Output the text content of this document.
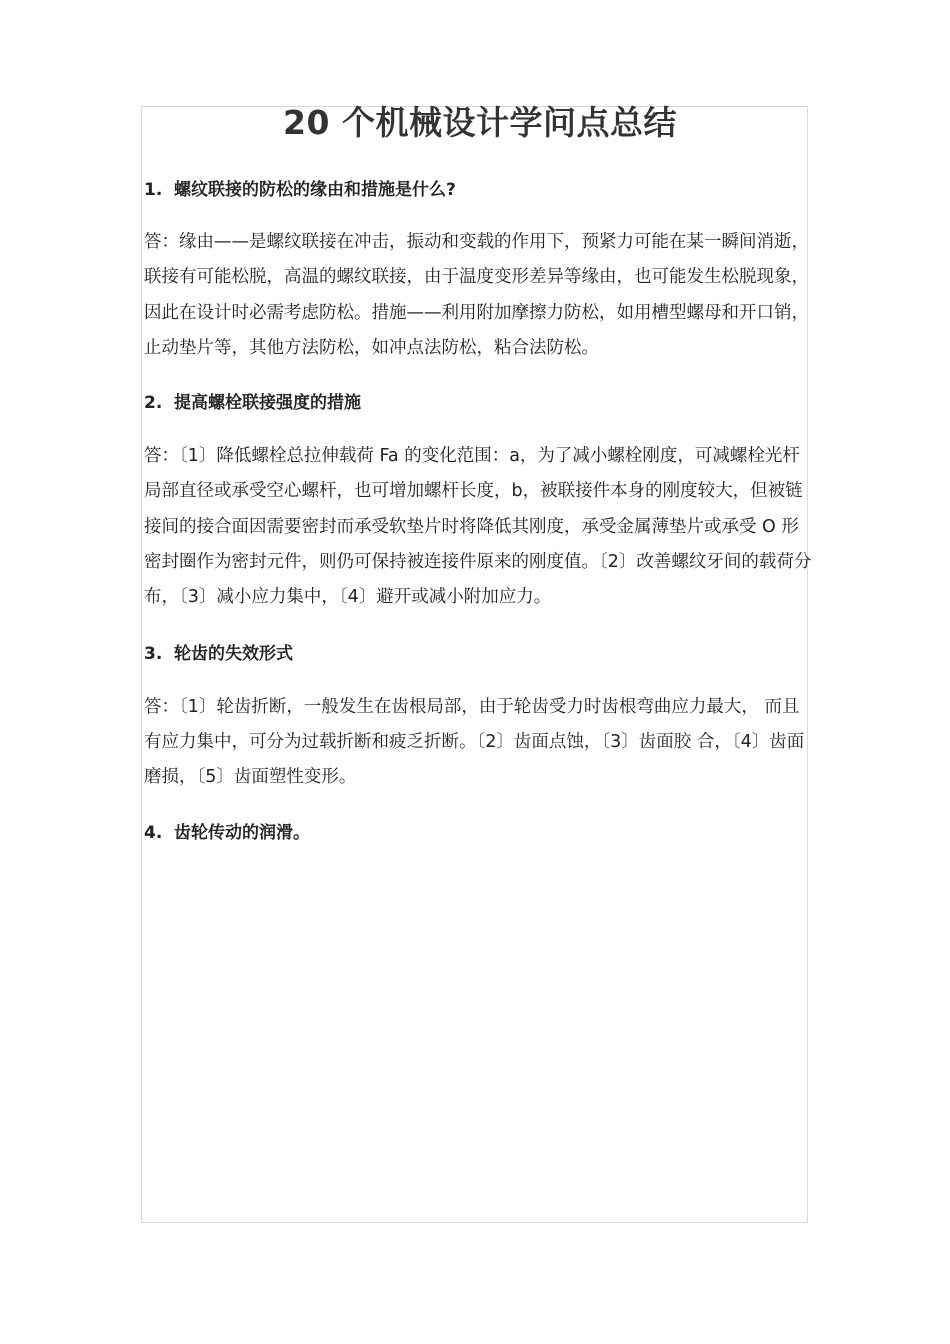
20 个机械设计学问点总结

1. 螺纹联接的防松的缘由和措施是什么?

答：缘由——是螺纹联接在冲击，振动和变载的作用下，预紧力可能在某一瞬间消逝，联接有可能松脱，高温的螺纹联接，由于温度变形差异等缘由，也可能发生松脱现象，因此在设计时必需考虑防松。措施——利用附加摩擦力防松，如用槽型螺母和开口销，止动垫片等，其他方法防松，如冲点法防松，粘合法防松。

2. 提高螺栓联接强度的措施

答：〔1〕降低螺栓总拉伸载荷 Fa 的变化范围：a，为了减小螺栓刚度，可减螺栓光杆局部直径或承受空心螺杆，也可增加螺杆长度，b，被联接件本身的刚度较大，但被链接间的接合面因需要密封而承受软垫片时将降低其刚度，承受金属薄垫片或承受 O 形密封圈作为密封元件，则仍可保持被连接件原来的刚度值。〔2〕改善螺纹牙间的载荷分布，〔3〕减小应力集中，〔4〕避开或减小附加应力。

3. 轮齿的失效形式

答：〔1〕轮齿折断，一般发生在齿根局部，由于轮齿受力时齿根弯曲应力最大， 而且有应力集中，可分为过载折断和疲乏折断。〔2〕齿面点蚀，〔3〕齿面胶 合，〔4〕齿面磨损，〔5〕齿面塑性变形。

4. 齿轮传动的润滑。
